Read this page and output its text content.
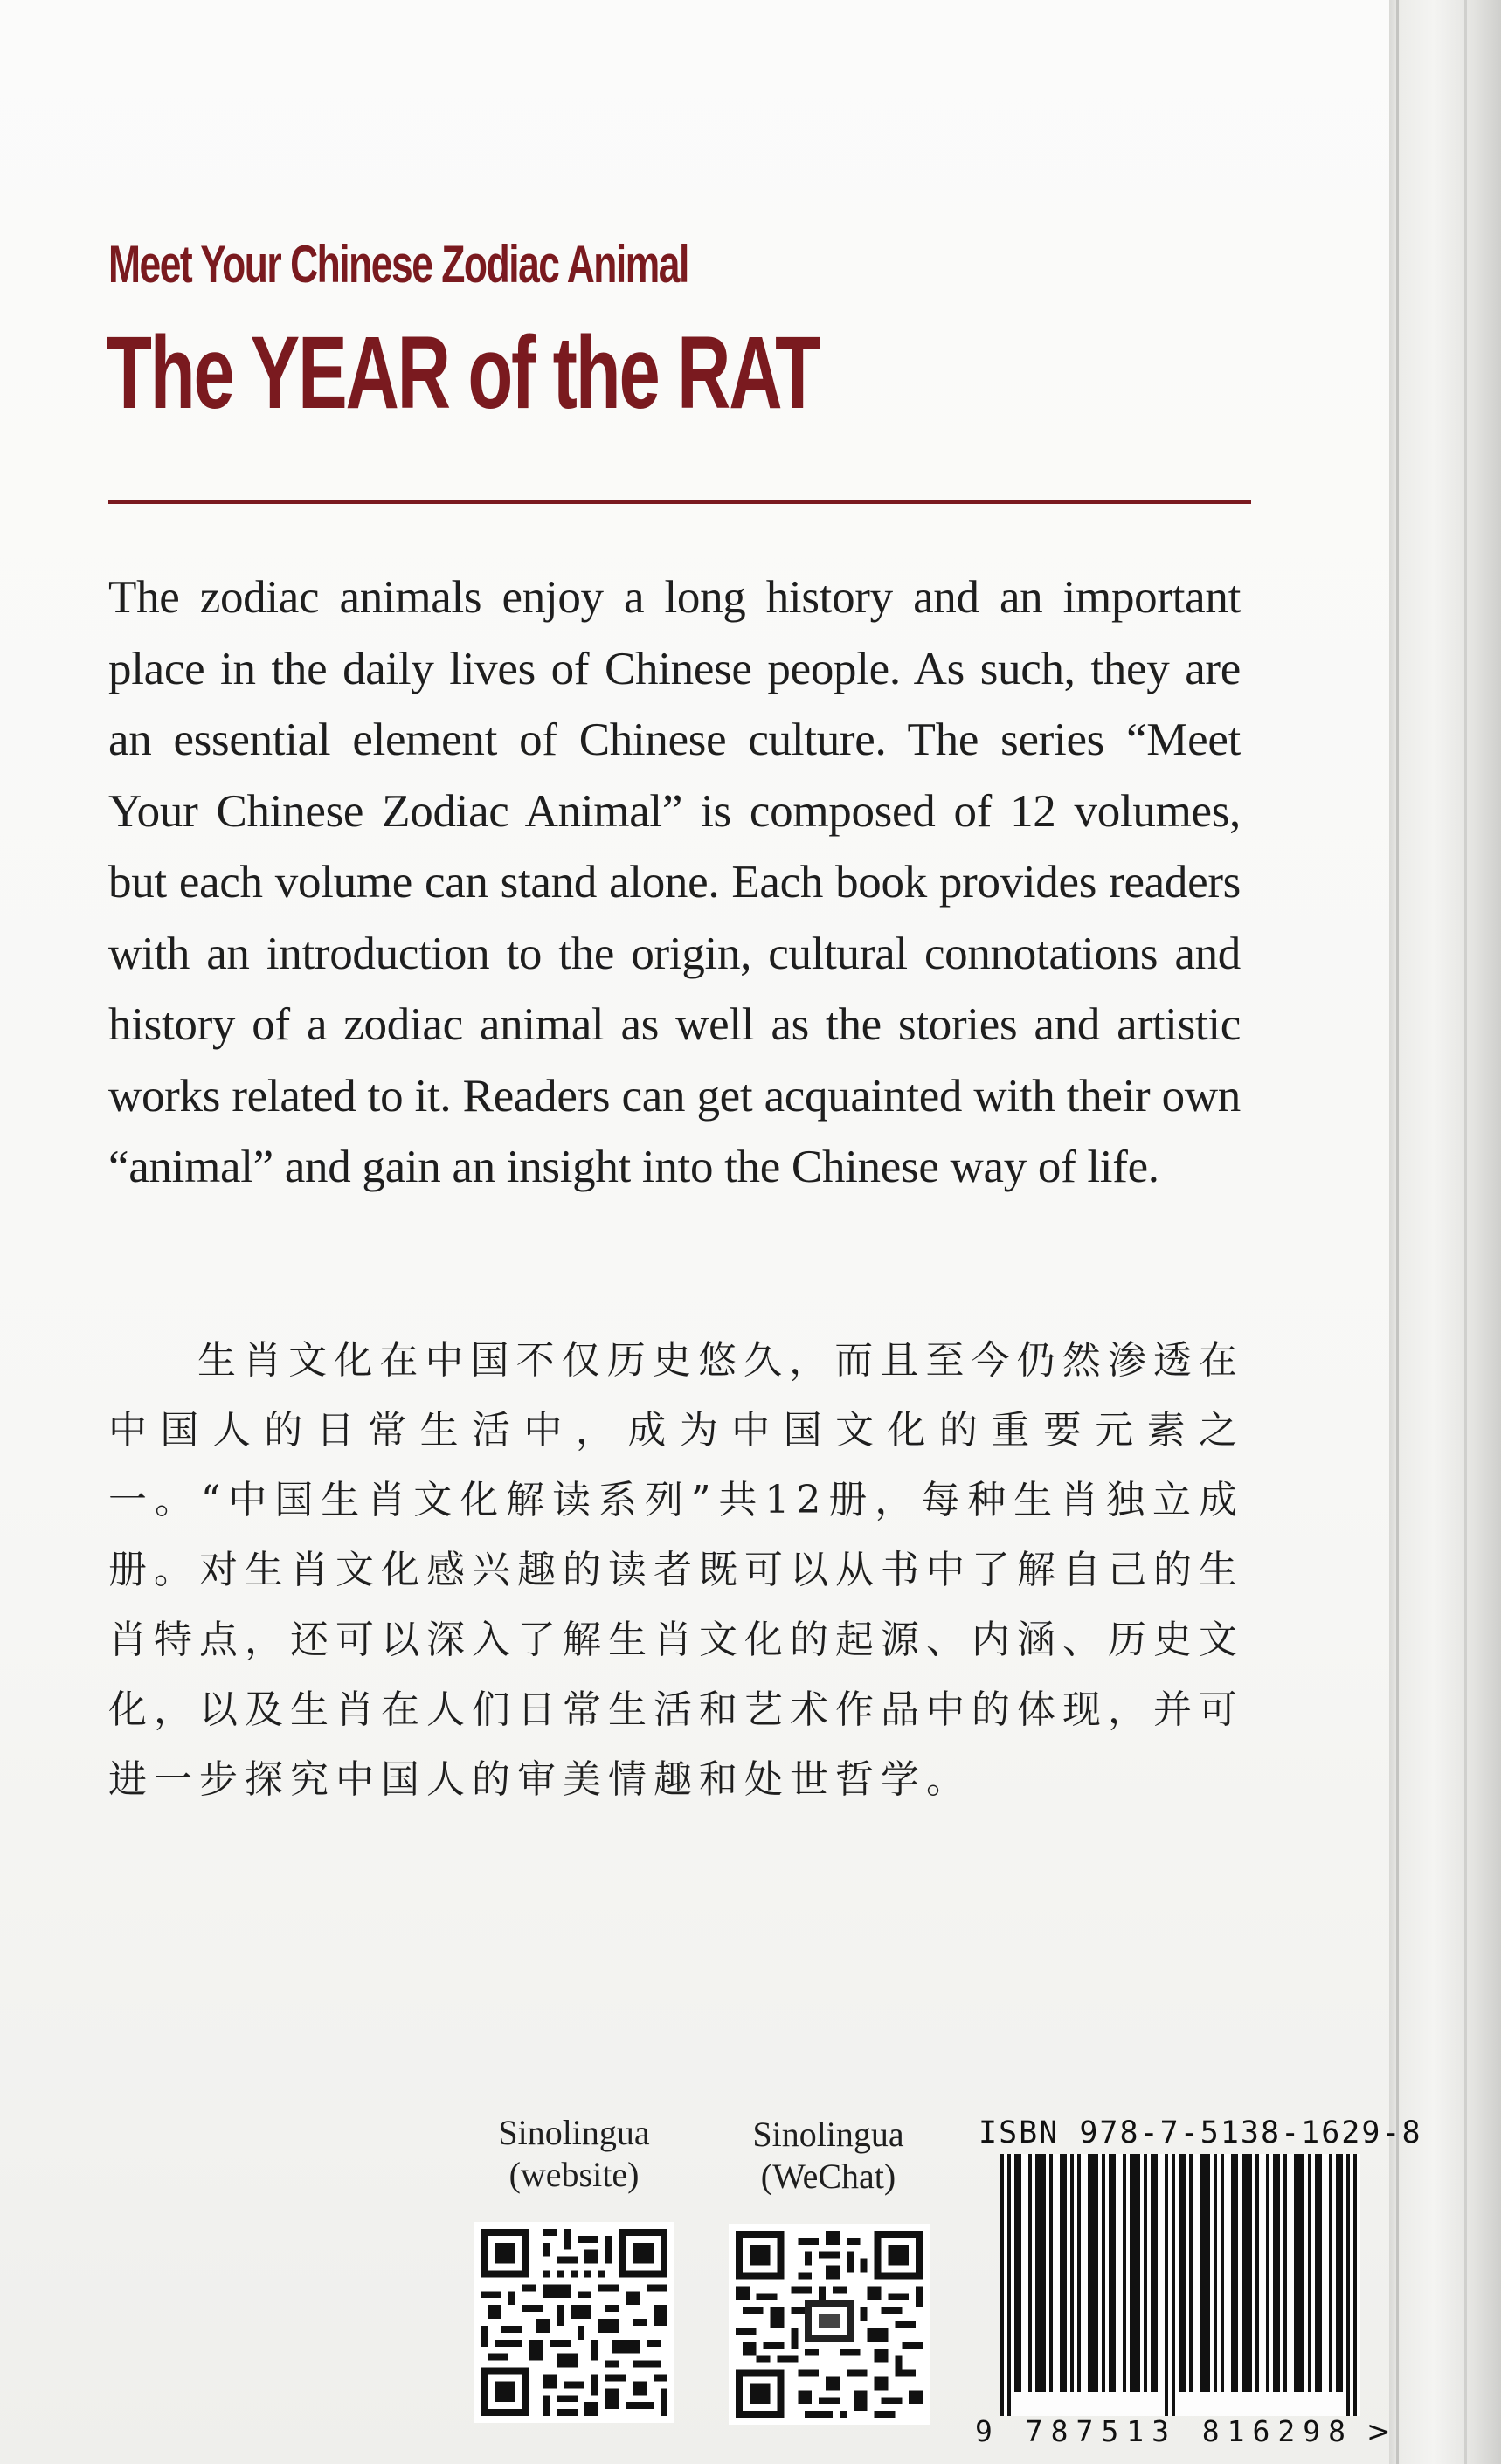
Meet Your Chinese Zodiac Animal
The YEAR of the RAT

The zodiac animals enjoy a long history and an important place in the daily lives of Chinese people. As such, they are an essential element of Chinese culture. The series “Meet Your Chinese Zodiac Animal” is composed of 12 volumes, but each volume can stand alone. Each book provides readers with an introduction to the origin, cultural connotations and history of a zodiac animal as well as the stories and artistic works related to it. Readers can get acquainted with their own “animal” and gain an insight into the Chinese way of life.

生肖文化在中国不仅历史悠久，而且至今仍然渗透在中国人的日常生活中，成为中国文化的重要元素之一。“中国生肖文化解读系列”共12册，每种生肖独立成册。对生肖文化感兴趣的读者既可以从书中了解自己的生肖特点，还可以深入了解生肖文化的起源、内涵、历史文化，以及生肖在人们日常生活和艺术作品中的体现，并可进一步探究中国人的审美情趣和处世哲学。

Sinolingua
(website)

Sinolingua
(WeChat)

ISBN 978-7-5138-1629-8

9 787513 816298 >
